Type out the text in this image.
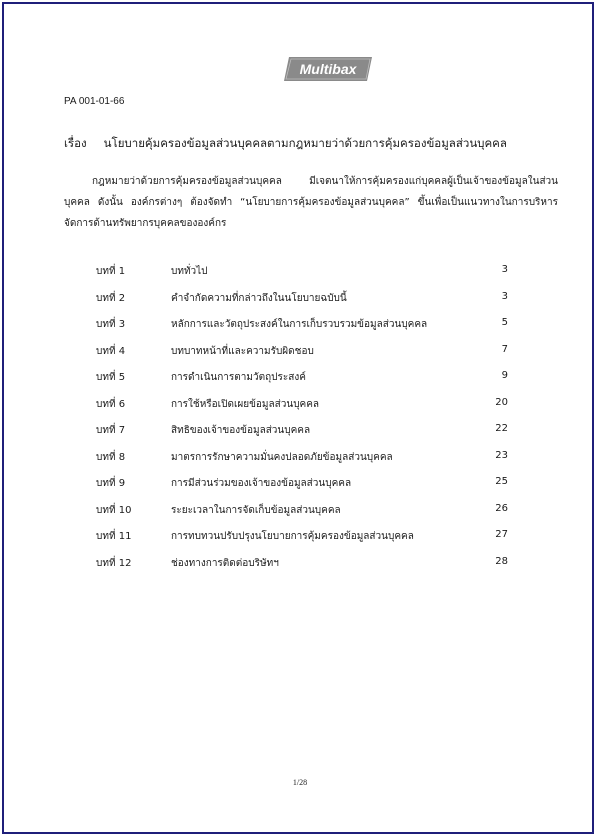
Multibax
PA 001-01-66
เรื่อง นโยบายคุ้มครองข้อมูลส่วนบุคคลตามกฎหมายว่าด้วยการคุ้มครองข้อมูลส่วนบุคคล
กฎหมายว่าด้วยการคุ้มครองข้อมูลส่วนบุคคล มีเจตนาให้การคุ้มครองแก่บุคคลผู้เป็นเจ้าของข้อมูลในส่วนบุคคล ดังนั้น องค์กรต่างๆ ต้องจัดทำ “นโยบายการคุ้มครองข้อมูลส่วนบุคคล” ขึ้นเพื่อเป็นแนวทางในการบริหารจัดการด้านทรัพยากรบุคคลขององค์กร
บทที่ 1	บททั่วไป	3
บทที่ 2	คำจำกัดความที่กล่าวถึงในนโยบายฉบับนี้	3
บทที่ 3	หลักการและวัตถุประสงค์ในการเก็บรวบรวมข้อมูลส่วนบุคคล	5
บทที่ 4	บทบาทหน้าที่และความรับผิดชอบ	7
บทที่ 5	การดำเนินการตามวัตถุประสงค์	9
บทที่ 6	การใช้หรือเปิดเผยข้อมูลส่วนบุคคล	20
บทที่ 7	สิทธิของเจ้าของข้อมูลส่วนบุคคล	22
บทที่ 8	มาตรการรักษาความมั่นคงปลอดภัยข้อมูลส่วนบุคคล	23
บทที่ 9	การมีส่วนร่วมของเจ้าของข้อมูลส่วนบุคคล	25
บทที่ 10	ระยะเวลาในการจัดเก็บข้อมูลส่วนบุคคล	26
บทที่ 11	การทบทวนปรับปรุงนโยบายการคุ้มครองข้อมูลส่วนบุคคล	27
บทที่ 12	ช่องทางการติดต่อบริษัทฯ	28
1/28
